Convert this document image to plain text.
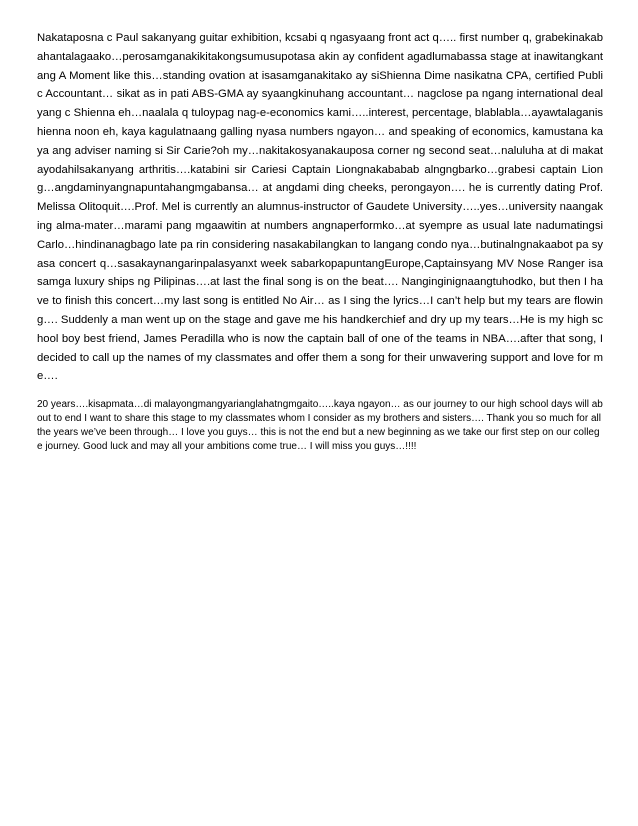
Nakataposna c Paul sakanyang guitar exhibition, kcsabi q ngasyaang front act q….. first number q, grabekinakabahantalagaako…perosamganakikitakongsumusupotasa akin ay confident agadlumabassa stage at inawitangkantang A Moment like this…standing ovation at isasamganakitako ay siShienna Dime nasikatna CPA, certified Public Accountant… sikat as in pati ABS-GMA ay syaangkinuhang accountant… nagclose pa ngang international deal yang c Shienna eh…naalala q tuloypag nag-e-economics kami…..interest, percentage, blablabla…ayawtalaganishienna noon eh, kaya kagulatnaang galling nyasa numbers ngayon… and speaking of economics, kamustana kaya ang adviser naming si Sir Carie?oh my…nakitakosyanakauposa corner ng second seat…naluluha at di makatayodahilsakanyang arthritis….katabini sir Cariesi Captain Liongnakababab alngngbarko…grabesi captain Liong…angdaminyangnapuntahangmgabansa… at angdami ding cheeks, perongayon…. he is currently dating Prof. Melissa Olitoquit….Prof. Mel is currently an alumnus-instructor of Gaudete University…..yes…university naangaking alma-mater…marami pang mgaawitin at numbers angnaperformko…at syempre as usual late nadumatingsi Carlo…hindinanagbago late pa rin considering nasakabilangkan to langang condo nya…butinalngnakaabot pa syasa concert q…sasakaynangarinpalasyanxt week sabarkopapuntangEurope,Captainsyang MV Nose Ranger isasamga luxury ships ng Pilipinas….at last the final song is on the beat…. Nanginginignaangtuhodko, but then I have to finish this concert…my last song is entitled No Air… as I sing the lyrics…I can’t help but my tears are flowing…. Suddenly a man went up on the stage and gave me his handkerchief and dry up my tears…He is my high school boy best friend, James Peradilla who is now the captain ball of one of the teams in NBA….after that song, I decided to call up the names of my classmates and offer them a song for their unwavering support and love for me….

20 years….kisapmata…di malayongmangyarianglahatngmgaito…..kaya ngayon… as our journey to our high school days will about to end I want to share this stage to my classmates whom I consider as my brothers and sisters…. Thank you so much for all the years we’ve been through… I love you guys… this is not the end but a new beginning as we take our first step on our college journey. Good luck and may all your ambitions come true… I will miss you guys…!!!!
